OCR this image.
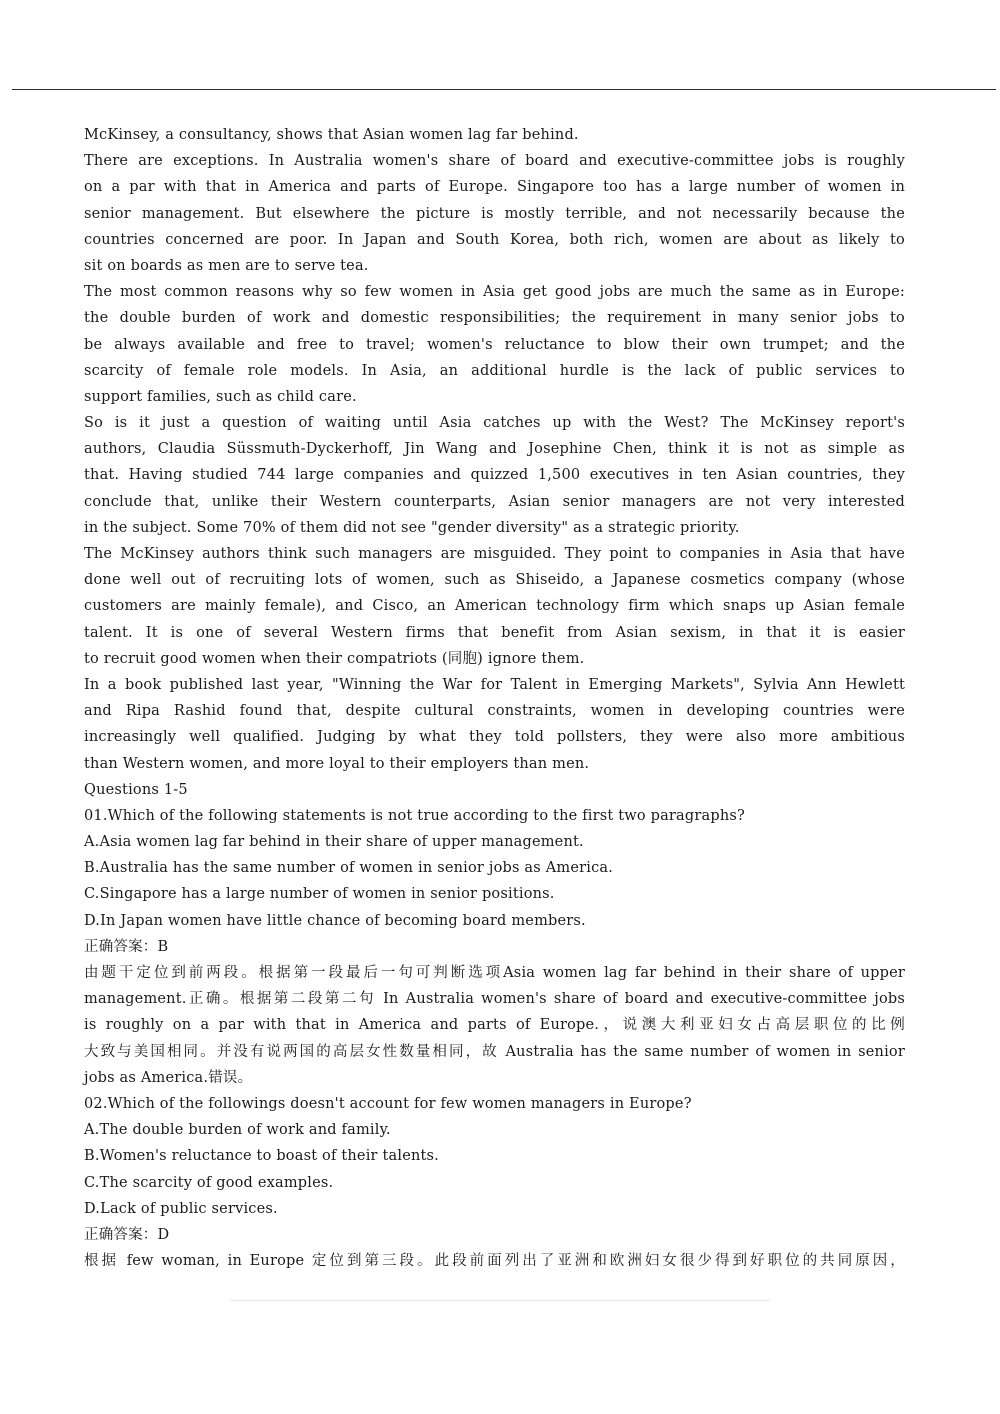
McKinsey, a consultancy, shows that Asian women lag far behind.
There are exceptions. In Australia women's share of board and executive-committee jobs is roughly
on a par with that in America and parts of Europe. Singapore too has a large number of women in
senior management. But elsewhere the picture is mostly terrible, and not necessarily because the
countries concerned are poor. In Japan and South Korea, both rich, women are about as likely to
sit on boards as men are to serve tea.
The most common reasons why so few women in Asia get good jobs are much the same as in Europe:
the double burden of work and domestic responsibilities; the requirement in many senior jobs to
be always available and free to travel; women's reluctance to blow their own trumpet; and the
scarcity of female role models. In Asia, an additional hurdle is the lack of public services to
support families, such as child care.
So is it just a question of waiting until Asia catches up with the West? The McKinsey report's
authors, Claudia Süssmuth-Dyckerhoff, Jin Wang and Josephine Chen, think it is not as simple as
that. Having studied 744 large companies and quizzed 1,500 executives in ten Asian countries, they
conclude that, unlike their Western counterparts, Asian senior managers are not very interested
in the subject. Some 70% of them did not see "gender diversity" as a strategic priority.
The McKinsey authors think such managers are misguided. They point to companies in Asia that have
done well out of recruiting lots of women, such as Shiseido, a Japanese cosmetics company (whose
customers are mainly female), and Cisco, an American technology firm which snaps up Asian female
talent. It is one of several Western firms that benefit from Asian sexism, in that it is easier
to recruit good women when their compatriots (同胞) ignore them.
In a book published last year, "Winning the War for Talent in Emerging Markets", Sylvia Ann Hewlett
and Ripa Rashid found that, despite cultural constraints, women in developing countries were
increasingly well qualified. Judging by what they told pollsters, they were also more ambitious
than Western women, and more loyal to their employers than men.
Questions 1-5
01.Which of the following statements is not true according to the first two paragraphs?
A.Asia women lag far behind in their share of upper management.
B.Australia has the same number of women in senior jobs as America.
C.Singapore has a large number of women in senior positions.
D.In Japan women have little chance of becoming board members.
正确答案：B
由题干定位到前两段。根据第一段最后一句可判断选项Asia women lag far behind in their share of upper
management.正确。根据第二段第二句 In Australia women's share of board and executive-committee jobs
is roughly on a par with that in America and parts of Europe.，说澳大利亚妇女占高层职位的比例
大致与美国相同。并没有说两国的高层女性数量相同，故 Australia has the same number of women in senior
jobs as America.错误。
02.Which of the followings doesn't account for few women managers in Europe?
A.The double burden of work and family.
B.Women's reluctance to boast of their talents.
C.The scarcity of good examples.
D.Lack of public services.
正确答案：D
根据 few woman, in Europe 定位到第三段。此段前面列出了亚洲和欧洲妇女很少得到好职位的共同原因，
